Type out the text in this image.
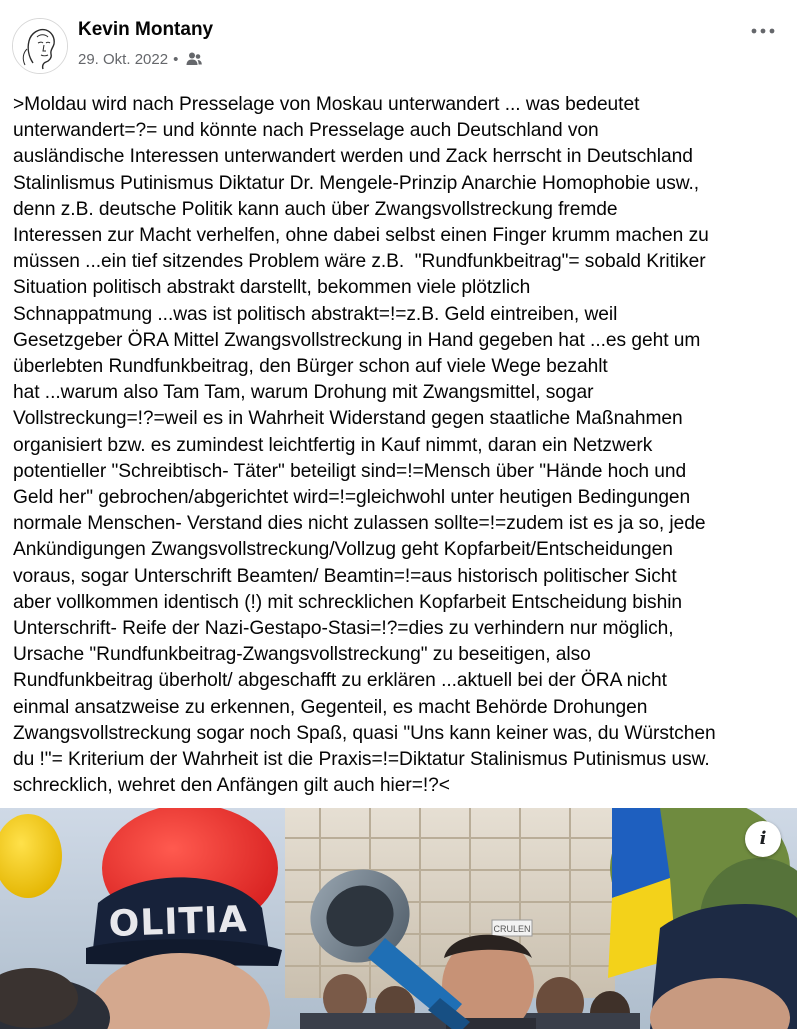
Kevin Montany
29. Okt. 2022 •
>Moldau wird nach Presselage von Moskau unterwandert ... was bedeutet
unterwandert=?= und könnte nach Presselage auch Deutschland von
ausländische Interessen unterwandert werden und Zack herrscht in Deutschland
Stalinlismus Putinismus Diktatur Dr. Mengele-Prinzip Anarchie Homophobie usw.,
denn z.B. deutsche Politik kann auch über Zwangsvollstreckung fremde
Interessen zur Macht verhelfen, ohne dabei selbst einen Finger krumm machen zu
müssen ...ein tief sitzendes Problem wäre z.B.  "Rundfunkbeitrag"= sobald Kritiker
Situation politisch abstrakt darstellt, bekommen viele plötzlich
Schnappatmung ...was ist politisch abstrakt=!=z.B. Geld eintreiben, weil
Gesetzgeber ÖRA Mittel Zwangsvollstreckung in Hand gegeben hat ...es geht um
überlebten Rundfunkbeitrag, den Bürger schon auf viele Wege bezahlt
hat ...warum also Tam Tam, warum Drohung mit Zwangsmittel, sogar
Vollstreckung=!?=weil es in Wahrheit Widerstand gegen staatliche Maßnahmen
organisiert bzw. es zumindest leichtfertig in Kauf nimmt, daran ein Netzwerk
potentieller "Schreibtisch- Täter" beteiligt sind=!=Mensch über "Hände hoch und
Geld her" gebrochen/abgerichtet wird=!=gleichwohl unter heutigen Bedingungen
normale Menschen- Verstand dies nicht zulassen sollte=!=zudem ist es ja so, jede
Ankündigungen Zwangsvollstreckung/Vollzug geht Kopfarbeit/Entscheidungen
voraus, sogar Unterschrift Beamten/ Beamtin=!=aus historisch politischer Sicht
aber vollkommen identisch (!) mit schrecklichen Kopfarbeit Entscheidung bishin
Unterschrift- Reife der Nazi-Gestapo-Stasi=!?=dies zu verhindern nur möglich,
Ursache "Rundfunkbeitrag-Zwangsvollstreckung" zu beseitigen, also
Rundfunkbeitrag überholt/ abgeschafft zu erklären ...aktuell bei der ÖRA nicht
einmal ansatzweise zu erkennen, Gegenteil, es macht Behörde Drohungen
Zwangsvollstreckung sogar noch Spaß, quasi "Uns kann keiner was, du Würstchen
du !"= Kriterium der Wahrheit ist die Praxis=!=Diktatur Stalinismus Putinismus usw.
schrecklich, wehret den Anfängen gilt auch hier=!?<
CRULEN
OLITIA
i
